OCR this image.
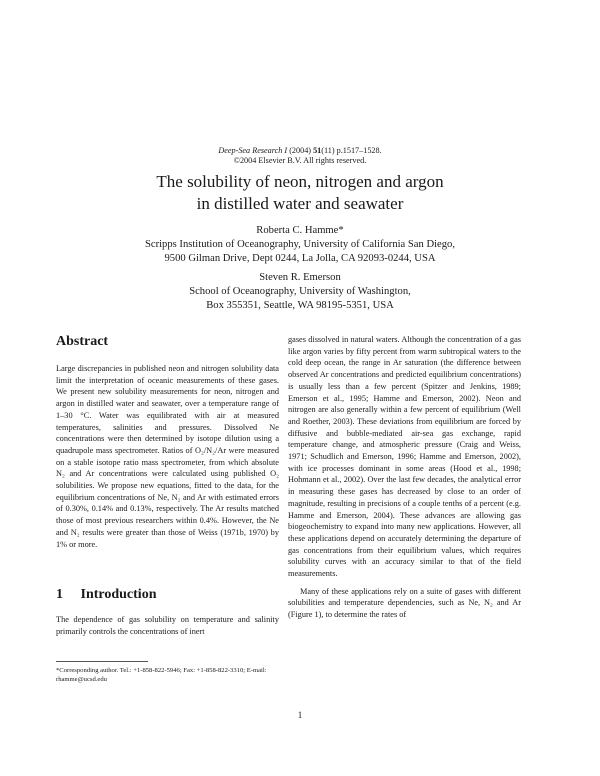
Deep-Sea Research I (2004) 51(11) p.1517–1528.
©2004 Elsevier B.V. All rights reserved.
The solubility of neon, nitrogen and argon
in distilled water and seawater
Roberta C. Hamme*
Scripps Institution of Oceanography, University of California San Diego,
9500 Gilman Drive, Dept 0244, La Jolla, CA 92093-0244, USA
Steven R. Emerson
School of Oceanography, University of Washington,
Box 355351, Seattle, WA 98195-5351, USA
Abstract

Large discrepancies in published neon and nitrogen solubility data limit the interpretation of oceanic measurements of these gases. We present new solubility measurements for neon, nitrogen and argon in distilled water and seawater, over a temperature range of 1–30 °C. Water was equilibrated with air at measured temperatures, salinities and pressures. Dissolved Ne concentrations were then determined by isotope dilution using a quadrupole mass spectrometer. Ratios of O₂/N₂/Ar were measured on a stable isotope ratio mass spectrometer, from which absolute N₂ and Ar concentrations were calculated using published O₂ solubilities. We propose new equations, fitted to the data, for the equilibrium concentrations of Ne, N₂ and Ar with estimated errors of 0.30%, 0.14% and 0.13%, respectively. The Ar results matched those of most previous researchers within 0.4%. However, the Ne and N₂ results were greater than those of Weiss (1971b, 1970) by 1% or more.

1 Introduction

The dependence of gas solubility on temperature and salinity primarily controls the concentrations of inert

*Corresponding author. Tel.: +1-858-822-5946; Fax: +1-858-822-3310; E-mail: rhamme@ucsd.edu

gases dissolved in natural waters. Although the concentration of a gas like argon varies by fifty percent from warm subtropical waters to the cold deep ocean, the range in Ar saturation (the difference between observed Ar concentrations and predicted equilibrium concentrations) is usually less than a few percent (Spitzer and Jenkins, 1989; Emerson et al., 1995; Hamme and Emerson, 2002). Neon and nitrogen are also generally within a few percent of equilibrium (Well and Roether, 2003). These deviations from equilibrium are forced by diffusive and bubble-mediated air-sea gas exchange, rapid temperature change, and atmospheric pressure (Craig and Weiss, 1971; Schudlich and Emerson, 1996; Hamme and Emerson, 2002), with ice processes dominant in some areas (Hood et al., 1998; Hohmann et al., 2002). Over the last few decades, the analytical error in measuring these gases has decreased by close to an order of magnitude, resulting in precisions of a couple tenths of a percent (e.g. Hamme and Emerson, 2004). These advances are allowing gas biogeochemistry to expand into many new applications. However, all these applications depend on accurately determining the departure of gas concentrations from their equilibrium values, which requires solubility curves with an accuracy similar to that of the field measurements.

Many of these applications rely on a suite of gases with different solubilities and temperature dependencies, such as Ne, N₂ and Ar (Figure 1), to determine the rates of

1
